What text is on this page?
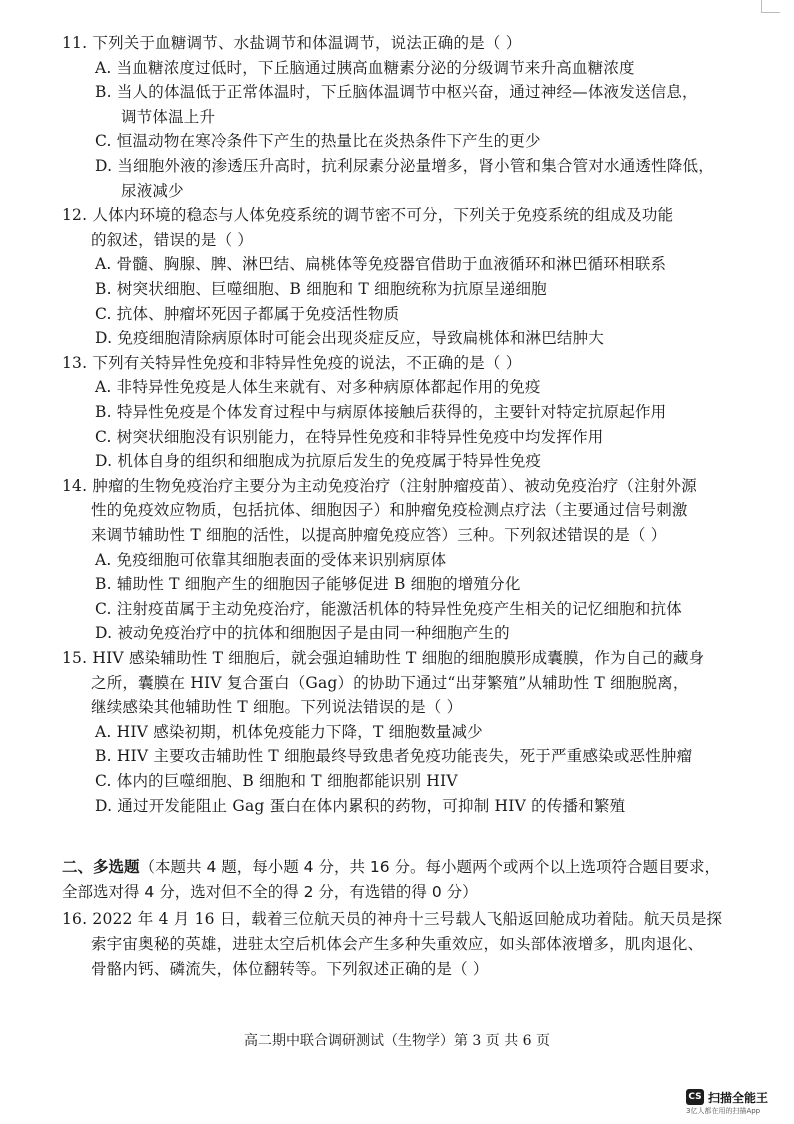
11. 下列关于血糖调节、水盐调节和体温调节，说法正确的是（ ）
A. 当血糖浓度过低时，下丘脑通过胰高血糖素分泌的分级调节来升高血糖浓度
B. 当人的体温低于正常体温时，下丘脑体温调节中枢兴奋，通过神经—体液发送信息，
调节体温上升
C. 恒温动物在寒冷条件下产生的热量比在炎热条件下产生的更少
D. 当细胞外液的渗透压升高时，抗利尿素分泌量增多，肾小管和集合管对水通透性降低，
尿液减少
12. 人体内环境的稳态与人体免疫系统的调节密不可分，下列关于免疫系统的组成及功能
的叙述，错误的是（ ）
A. 骨髓、胸腺、脾、淋巴结、扁桃体等免疫器官借助于血液循环和淋巴循环相联系
B. 树突状细胞、巨噬细胞、B 细胞和 T 细胞统称为抗原呈递细胞
C. 抗体、肿瘤坏死因子都属于免疫活性物质
D. 免疫细胞清除病原体时可能会出现炎症反应，导致扁桃体和淋巴结肿大
13. 下列有关特异性免疫和非特异性免疫的说法，不正确的是（ ）
A. 非特异性免疫是人体生来就有、对多种病原体都起作用的免疫
B. 特异性免疫是个体发育过程中与病原体接触后获得的，主要针对特定抗原起作用
C. 树突状细胞没有识别能力，在特异性免疫和非特异性免疫中均发挥作用
D. 机体自身的组织和细胞成为抗原后发生的免疫属于特异性免疫
14. 肿瘤的生物免疫治疗主要分为主动免疫治疗（注射肿瘤疫苗）、被动免疫治疗（注射外源
性的免疫效应物质，包括抗体、细胞因子）和肿瘤免疫检测点疗法（主要通过信号刺激
来调节辅助性 T 细胞的活性，以提高肿瘤免疫应答）三种。下列叙述错误的是（ ）
A. 免疫细胞可依靠其细胞表面的受体来识别病原体
B. 辅助性 T 细胞产生的细胞因子能够促进 B 细胞的增殖分化
C. 注射疫苗属于主动免疫治疗，能激活机体的特异性免疫产生相关的记忆细胞和抗体
D. 被动免疫治疗中的抗体和细胞因子是由同一种细胞产生的
15. HIV 感染辅助性 T 细胞后，就会强迫辅助性 T 细胞的细胞膜形成囊膜，作为自己的藏身
之所，囊膜在 HIV 复合蛋白（Gag）的协助下通过“出芽繁殖”从辅助性 T 细胞脱离，
继续感染其他辅助性 T 细胞。下列说法错误的是（ ）
A. HIV 感染初期，机体免疫能力下降，T 细胞数量减少
B. HIV 主要攻击辅助性 T 细胞最终导致患者免疫功能丧失，死于严重感染或恶性肿瘤
C. 体内的巨噬细胞、B 细胞和 T 细胞都能识别 HIV
D. 通过开发能阻止 Gag 蛋白在体内累积的药物，可抑制 HIV 的传播和繁殖
二、多选题（本题共 4 题，每小题 4 分，共 16 分。每小题两个或两个以上选项符合题目要求，
全部选对得 4 分，选对但不全的得 2 分，有选错的得 0 分）
16. 2022 年 4 月 16 日，载着三位航天员的神舟十三号载人飞船返回舱成功着陆。航天员是探
索宇宙奥秘的英雄，进驻太空后机体会产生多种失重效应，如头部体液增多，肌肉退化、
骨骼内钙、磷流失，体位翻转等。下列叙述正确的是（ ）
高二期中联合调研测试（生物学）第 3 页 共 6 页
CS 扫描全能王
3亿人都在用的扫描App
